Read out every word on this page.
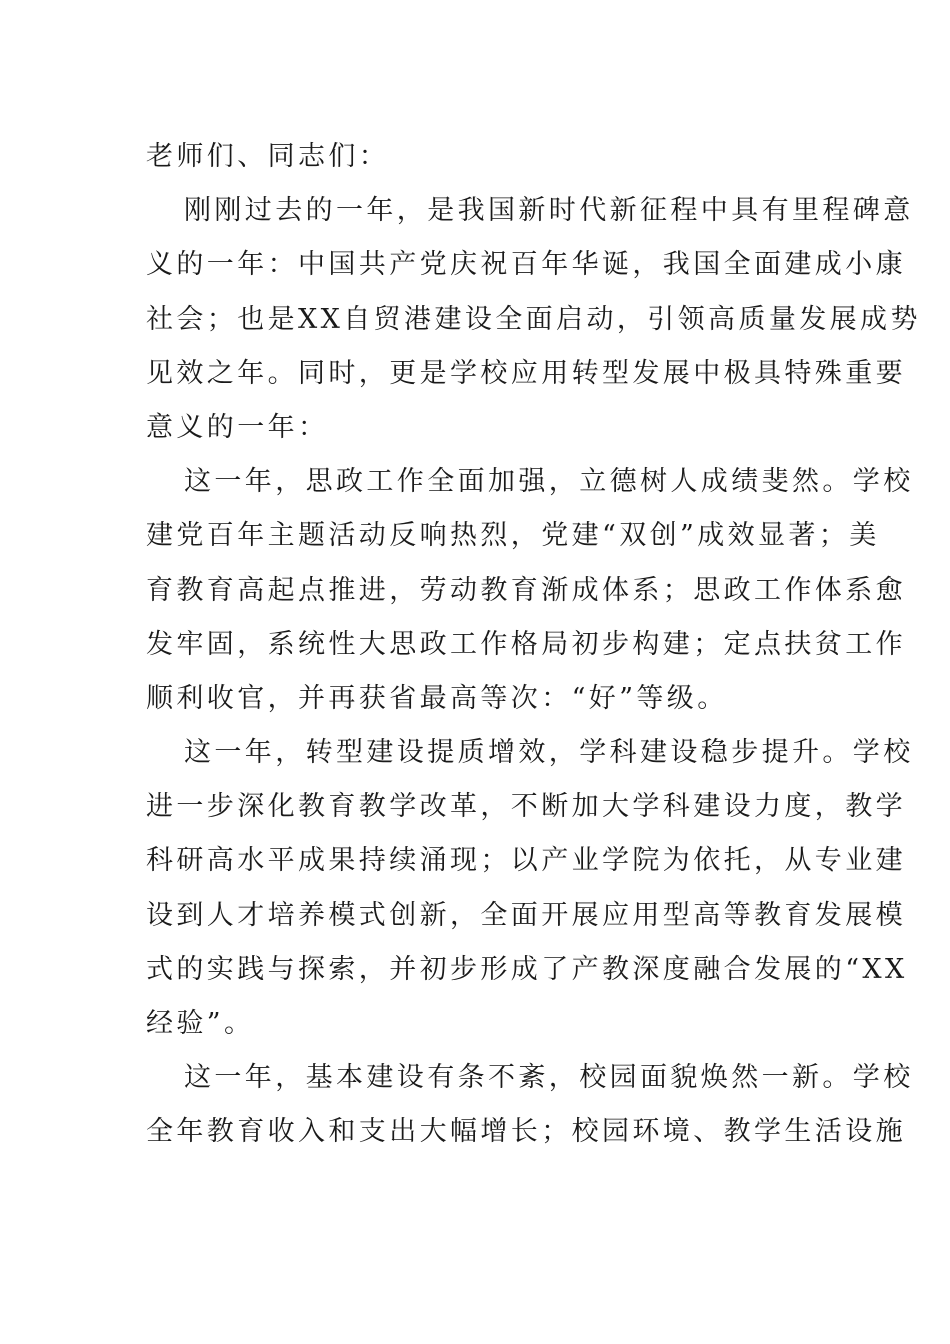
老师们、同志们：
刚刚过去的一年，是我国新时代新征程中具有里程碑意
义的一年：中国共产党庆祝百年华诞，我国全面建成小康
社会；也是XX自贸港建设全面启动，引领高质量发展成势
见效之年。同时，更是学校应用转型发展中极具特殊重要
意义的一年：
这一年，思政工作全面加强，立德树人成绩斐然。学校
建党百年主题活动反响热烈，党建“双创”成效显著；美
育教育高起点推进，劳动教育渐成体系；思政工作体系愈
发牢固，系统性大思政工作格局初步构建；定点扶贫工作
顺利收官，并再获省最高等次：“好”等级。
这一年，转型建设提质增效，学科建设稳步提升。学校
进一步深化教育教学改革，不断加大学科建设力度，教学
科研高水平成果持续涌现；以产业学院为依托，从专业建
设到人才培养模式创新，全面开展应用型高等教育发展模
式的实践与探索，并初步形成了产教深度融合发展的“XX
经验”。
这一年，基本建设有条不紊，校园面貌焕然一新。学校
全年教育收入和支出大幅增长；校园环境、教学生活设施
